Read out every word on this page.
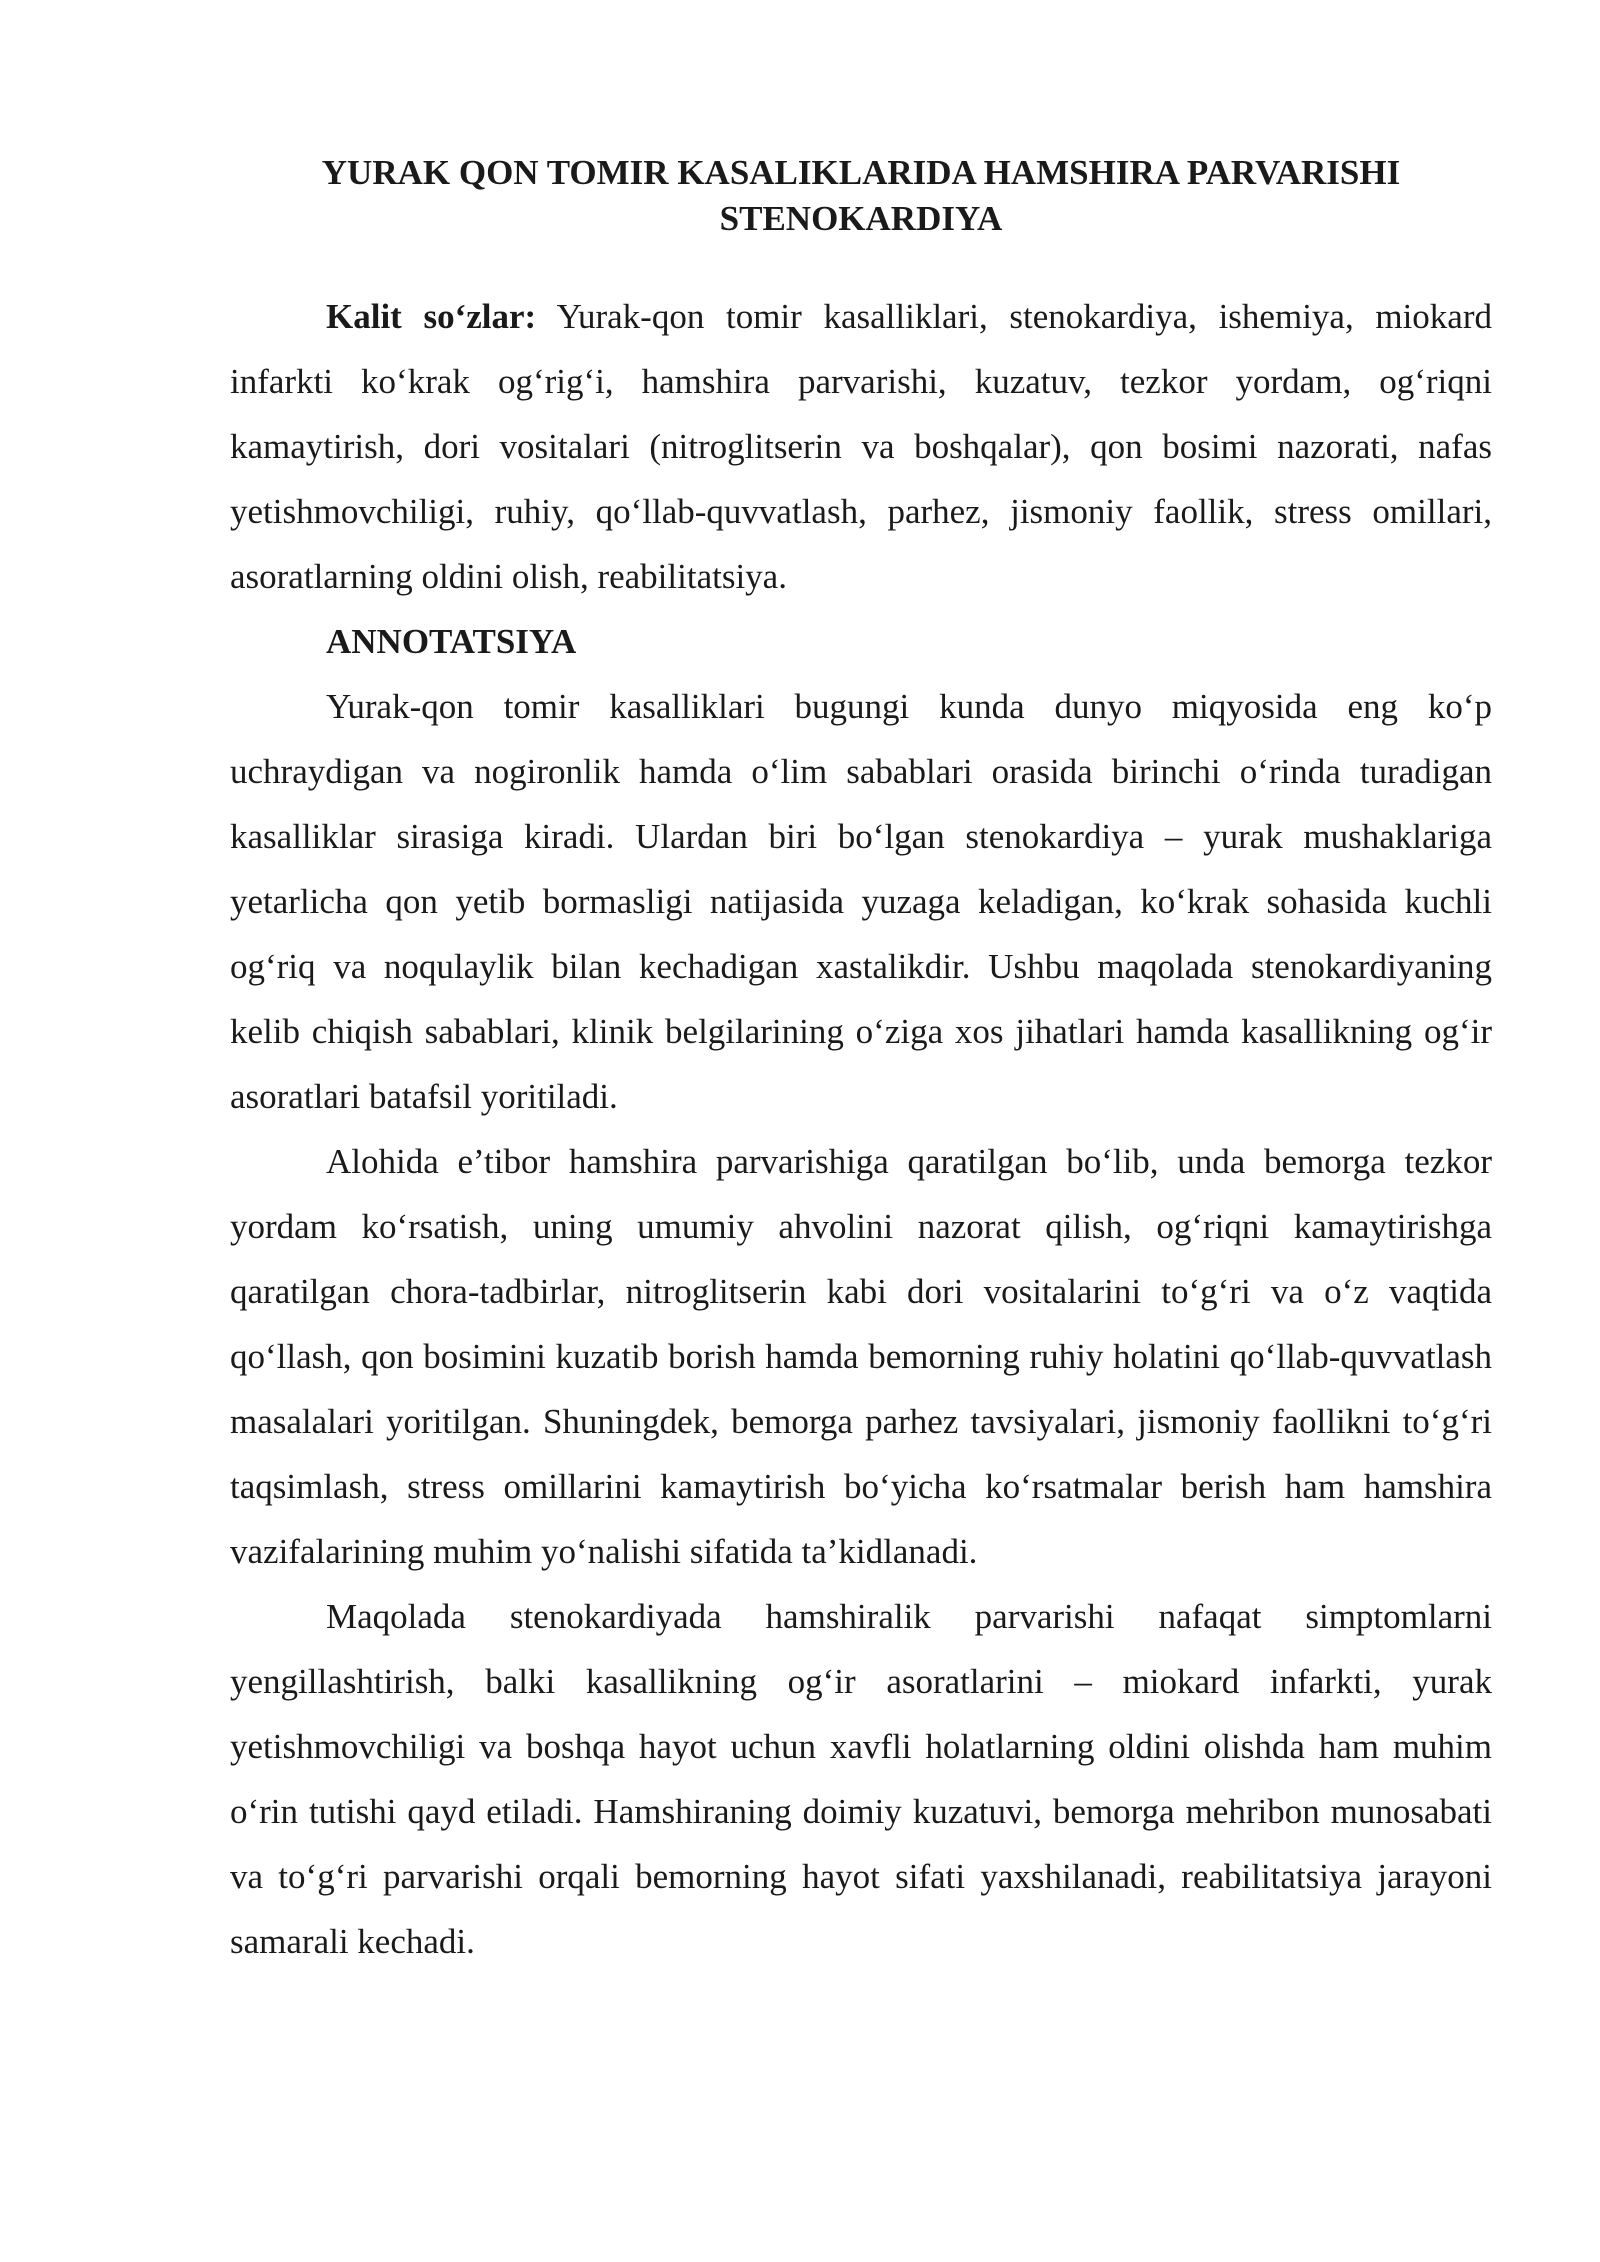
YURAK QON TOMIR KASALIKLARIDA HAMSHIRA PARVARISHI
STENOKARDIYA

Kalit so‘zlar: Yurak-qon tomir kasalliklari, stenokardiya, ishemiya, miokard infarkti ko‘krak og‘rig‘i, hamshira parvarishi, kuzatuv, tezkor yordam, og‘riqni kamaytirish, dori vositalari (nitroglitserin va boshqalar), qon bosimi nazorati, nafas yetishmovchiligi, ruhiy, qo‘llab-quvvatlash, parhez, jismoniy faollik, stress omillari, asoratlarning oldini olish, reabilitatsiya.

ANNOTATSIYA

Yurak-qon tomir kasalliklari bugungi kunda dunyo miqyosida eng ko‘p uchraydigan va nogironlik hamda o‘lim sabablari orasida birinchi o‘rinda turadigan kasalliklar sirasiga kiradi. Ulardan biri bo‘lgan stenokardiya – yurak mushaklariga yetarlicha qon yetib bormasligi natijasida yuzaga keladigan, ko‘krak sohasida kuchli og‘riq va noqulaylik bilan kechadigan xastalikdir. Ushbu maqolada stenokardiyaning kelib chiqish sabablari, klinik belgilarining o‘ziga xos jihatlari hamda kasallikning og‘ir asoratlari batafsil yoritiladi.

Alohida e’tibor hamshira parvarishiga qaratilgan bo‘lib, unda bemorga tezkor yordam ko‘rsatish, uning umumiy ahvolini nazorat qilish, og‘riqni kamaytirishga qaratilgan chora-tadbirlar, nitroglitserin kabi dori vositalarini to‘g‘ri va o‘z vaqtida qo‘llash, qon bosimini kuzatib borish hamda bemorning ruhiy holatini qo‘llab-quvvatlash masalalari yoritilgan. Shuningdek, bemorga parhez tavsiyalari, jismoniy faollikni to‘g‘ri taqsimlash, stress omillarini kamaytirish bo‘yicha ko‘rsatmalar berish ham hamshira vazifalarining muhim yo‘nalishi sifatida ta’kidlanadi.

Maqolada stenokardiyada hamshiralik parvarishi nafaqat simptomlarni yengillashtirish, balki kasallikning og‘ir asoratlarini – miokard infarkti, yurak yetishmovchiligi va boshqa hayot uchun xavfli holatlarning oldini olishda ham muhim o‘rin tutishi qayd etiladi. Hamshiraning doimiy kuzatuvi, bemorga mehribon munosabati va to‘g‘ri parvarishi orqali bemorning hayot sifati yaxshilanadi, reabilitatsiya jarayoni samarali kechadi.
